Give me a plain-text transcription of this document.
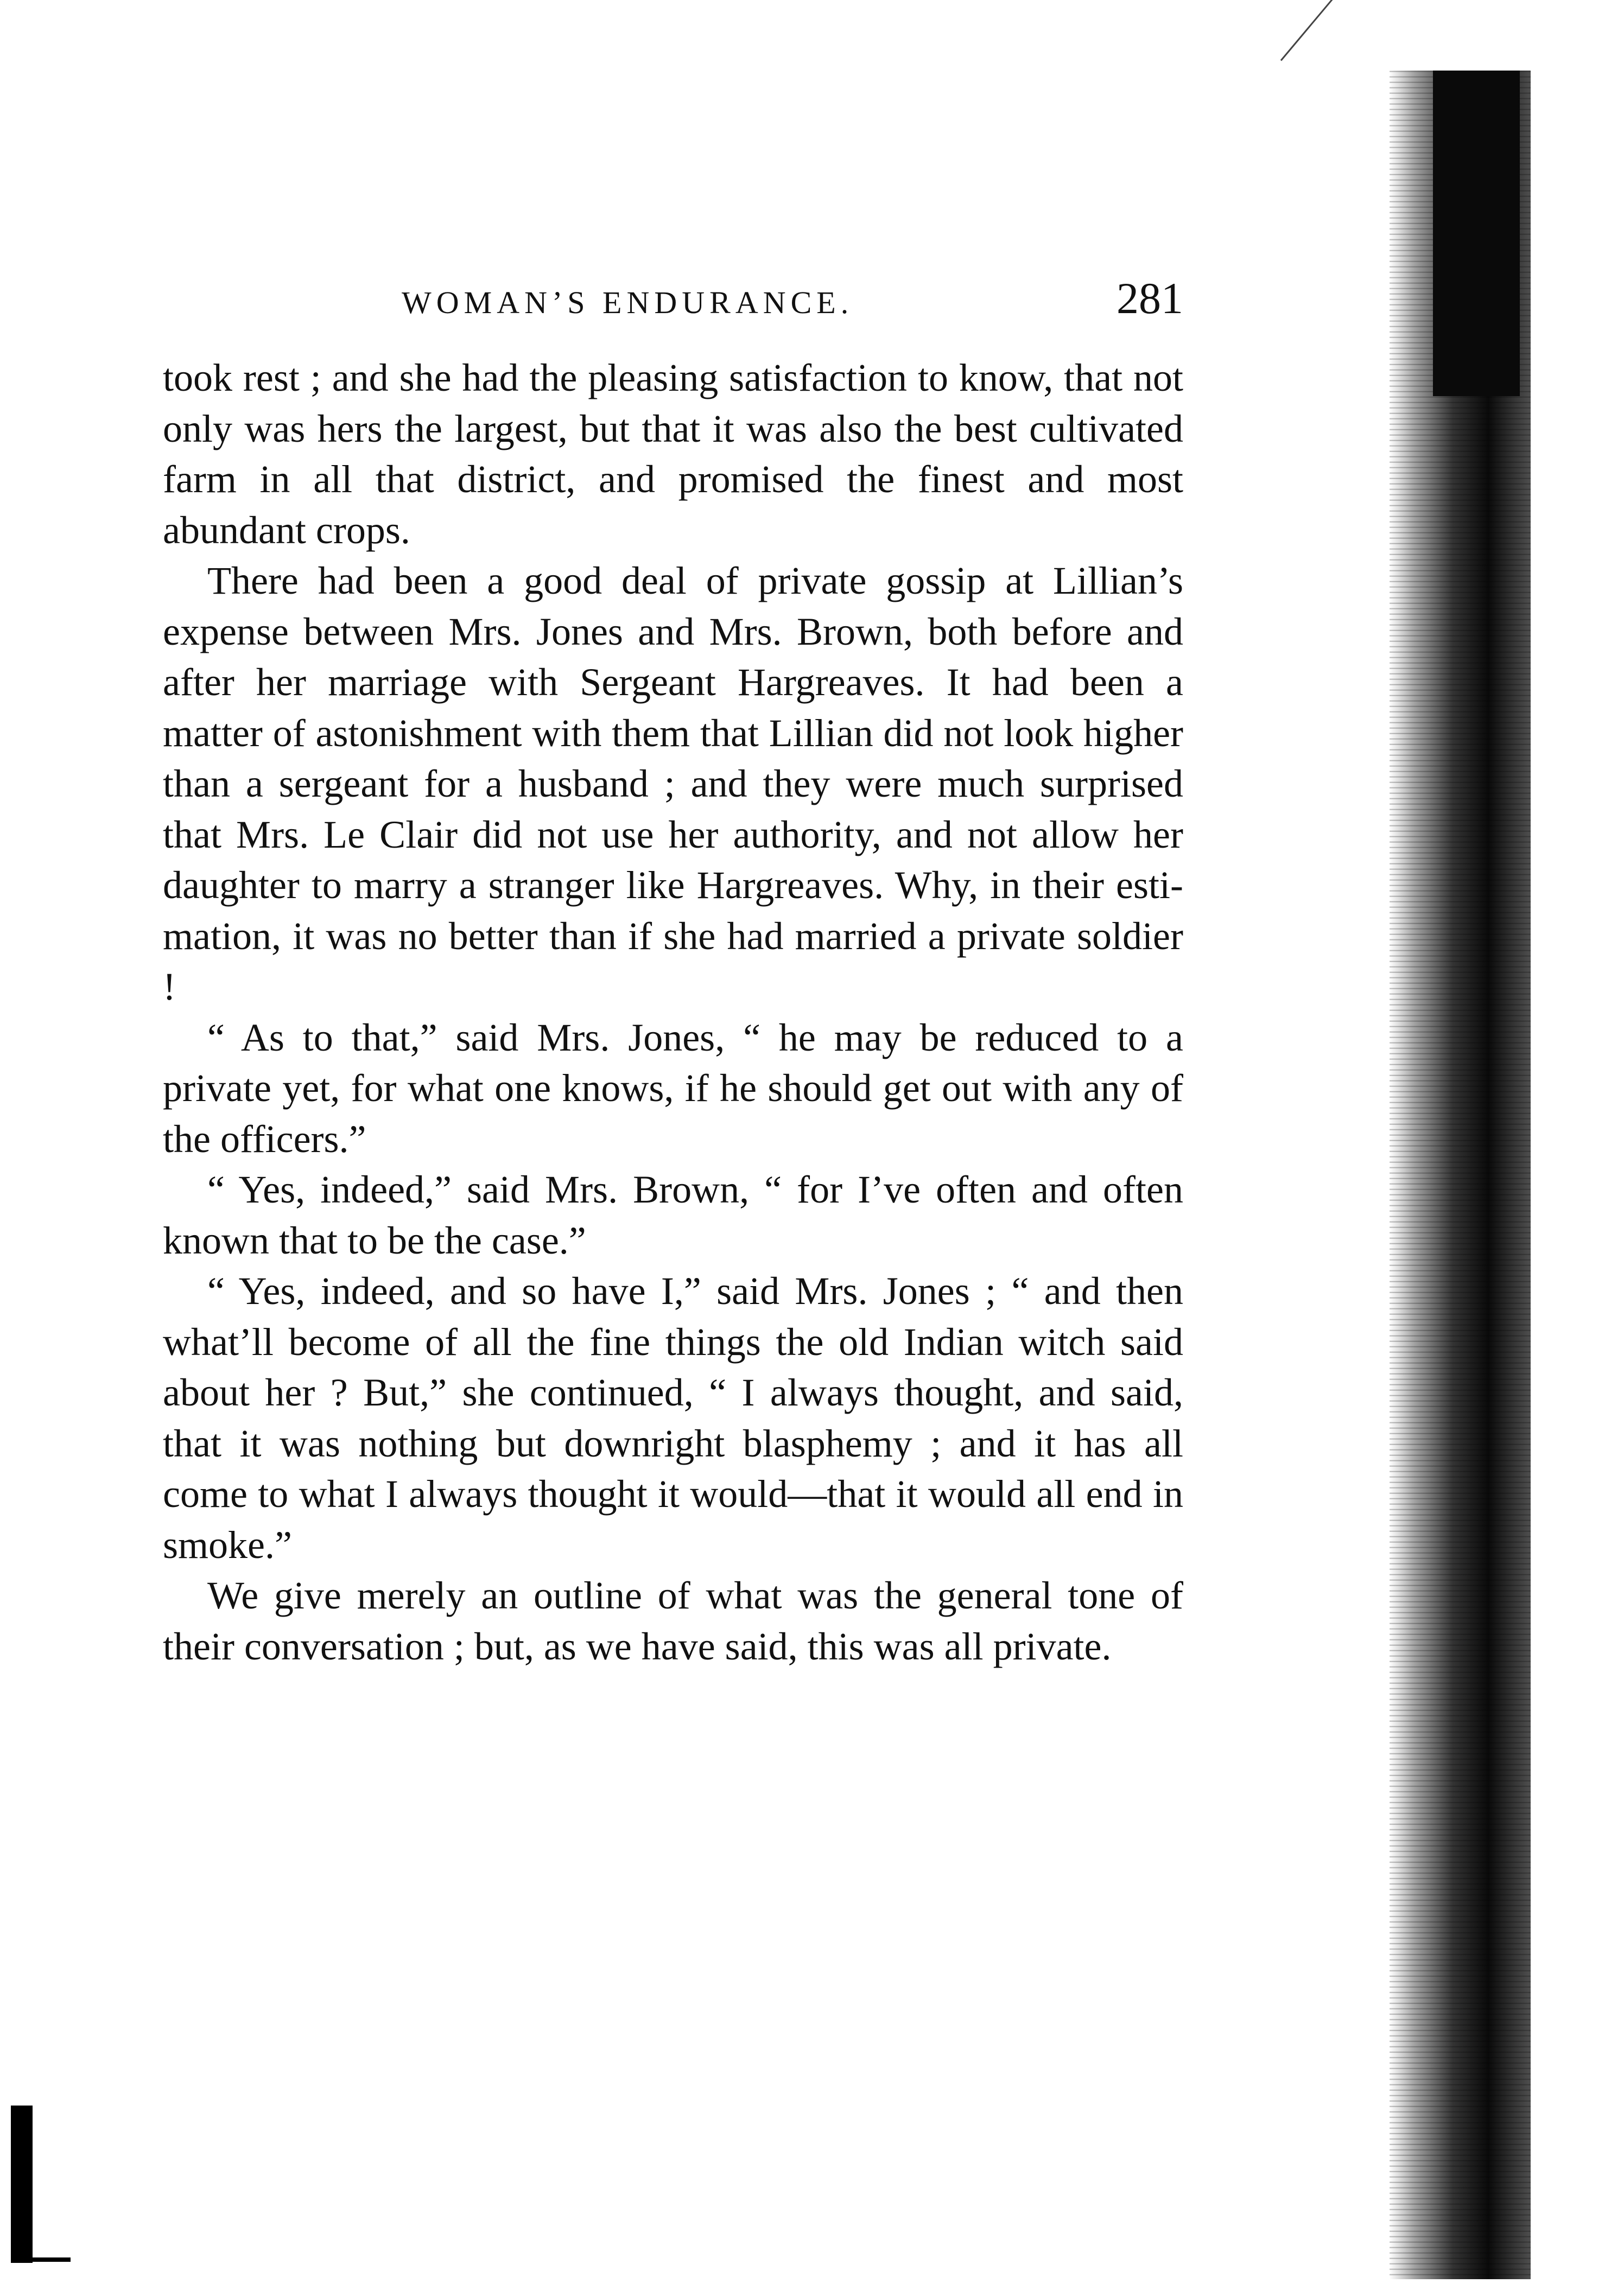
WOMAN’S ENDURANCE.	281

took rest ; and she had the pleasing satisfaction to know, that not only was hers the largest, but that it was also the best cultivated farm in all that district, and promised the finest and most abundant crops.

There had been a good deal of private gossip at Lillian’s expense between Mrs. Jones and Mrs. Brown, both before and after her marriage with Sergeant Hargreaves. It had been a matter of astonishment with them that Lillian did not look higher than a sergeant for a husband ; and they were much surprised that Mrs. Le Clair did not use her authority, and not allow her daughter to marry a stranger like Hargreaves. Why, in their estimation, it was no better than if she had married a private soldier !

“ As to that,” said Mrs. Jones, “ he may be reduced to a private yet, for what one knows, if he should get out with any of the officers.”

“ Yes, indeed,” said Mrs. Brown, “ for I’ve often and often known that to be the case.”

“ Yes, indeed, and so have I,” said Mrs. Jones ; “ and then what’ll become of all the fine things the old Indian witch said about her ? But,” she continued, “ I always thought, and said, that it was nothing but downright blasphemy ; and it has all come to what I always thought it would—that it would all end in smoke.”

We give merely an outline of what was the general tone of their conversation ; but, as we have said, this was all private.
